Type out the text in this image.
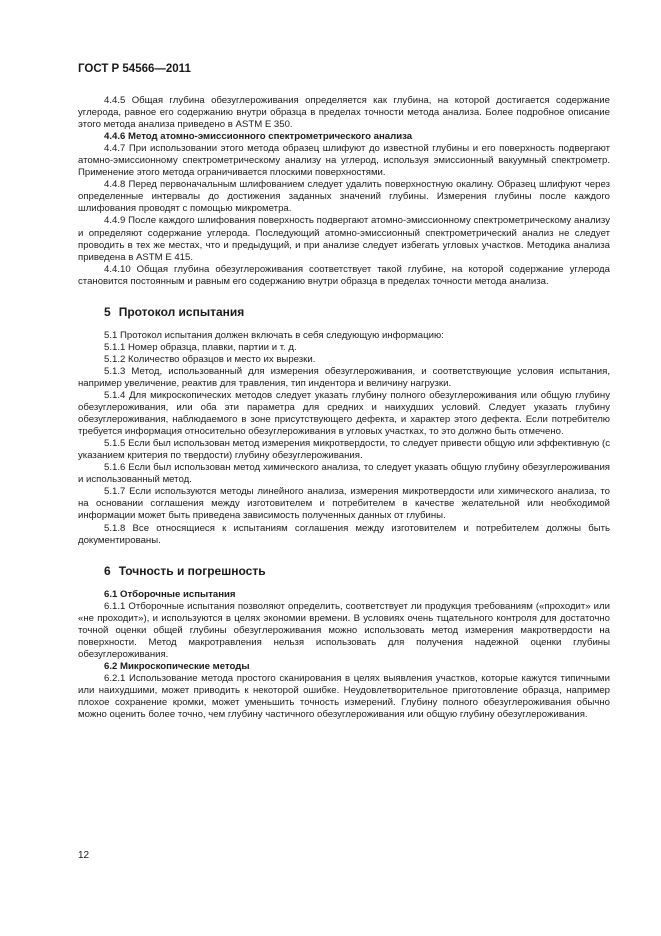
ГОСТ Р 54566—2011

4.4.5 Общая глубина обезуглероживания определяется как глубина, на которой достигается содержание углерода, равное его содержанию внутри образца в пределах точности метода анализа. Более подробное описание этого метода анализа приведено в ASTM E 350.

4.4.6 Метод атомно-эмиссионного спектрометрического анализа

4.4.7 При использовании этого метода образец шлифуют до известной глубины и его поверхность подвергают атомно-эмиссионному спектрометрическому анализу на углерод, используя эмиссионный вакуумный спектрометр. Применение этого метода ограничивается плоскими поверхностями.

4.4.8 Перед первоначальным шлифованием следует удалить поверхностную окалину. Образец шлифуют через определенные интервалы до достижения заданных значений глубины. Измерения глубины после каждого шлифования проводят с помощью микрометра.

4.4.9 После каждого шлифования поверхность подвергают атомно-эмиссионному спектрометрическому анализу и определяют содержание углерода. Последующий атомно-эмиссионный спектрометрический анализ не следует проводить в тех же местах, что и предыдущий, и при анализе следует избегать угловых участков. Методика анализа приведена в ASTM E 415.

4.4.10 Общая глубина обезуглероживания соответствует такой глубине, на которой содержание углерода становится постоянным и равным его содержанию внутри образца в пределах точности метода анализа.

5 Протокол испытания

5.1 Протокол испытания должен включать в себя следующую информацию:

5.1.1 Номер образца, плавки, партии и т. д.

5.1.2 Количество образцов и место их вырезки.

5.1.3 Метод, использованный для измерения обезуглероживания, и соответствующие условия испытания, например увеличение, реактив для травления, тип индентора и величину нагрузки.

5.1.4 Для микроскопических методов следует указать глубину полного обезуглероживания или общую глубину обезуглероживания, или оба эти параметра для средних и наихудших условий. Следует указать глубину обезуглероживания, наблюдаемого в зоне присутствующего дефекта, и характер этого дефекта. Если потребителю требуется информация относительно обезуглероживания в угловых участках, то это должно быть отмечено.

5.1.5 Если был использован метод измерения микротвердости, то следует привести общую или эффективную (с указанием критерия по твердости) глубину обезуглероживания.

5.1.6 Если был использован метод химического анализа, то следует указать общую глубину обезуглероживания и использованный метод.

5.1.7 Если используются методы линейного анализа, измерения микротвердости или химического анализа, то на основании соглашения между изготовителем и потребителем в качестве желательной или необходимой информации может быть приведена зависимость полученных данных от глубины.

5.1.8 Все относящиеся к испытаниям соглашения между изготовителем и потребителем должны быть документированы.

6 Точность и погрешность

6.1 Отборочные испытания

6.1.1 Отборочные испытания позволяют определить, соответствует ли продукция требованиям («проходит» или «не проходит»), и используются в целях экономии времени. В условиях очень тщательного контроля для достаточно точной оценки общей глубины обезуглероживания можно использовать метод измерения макротвердости на поверхности. Метод макротравления нельзя использовать для получения надежной оценки глубины обезуглероживания.

6.2 Микроскопические методы

6.2.1 Использование метода простого сканирования в целях выявления участков, которые кажутся типичными или наихудшими, может приводить к некоторой ошибке. Неудовлетворительное приготовление образца, например плохое сохранение кромки, может уменьшить точность измерений. Глубину полного обезуглероживания обычно можно оценить более точно, чем глубину частичного обезуглероживания или общую глубину обезуглероживания.

12
